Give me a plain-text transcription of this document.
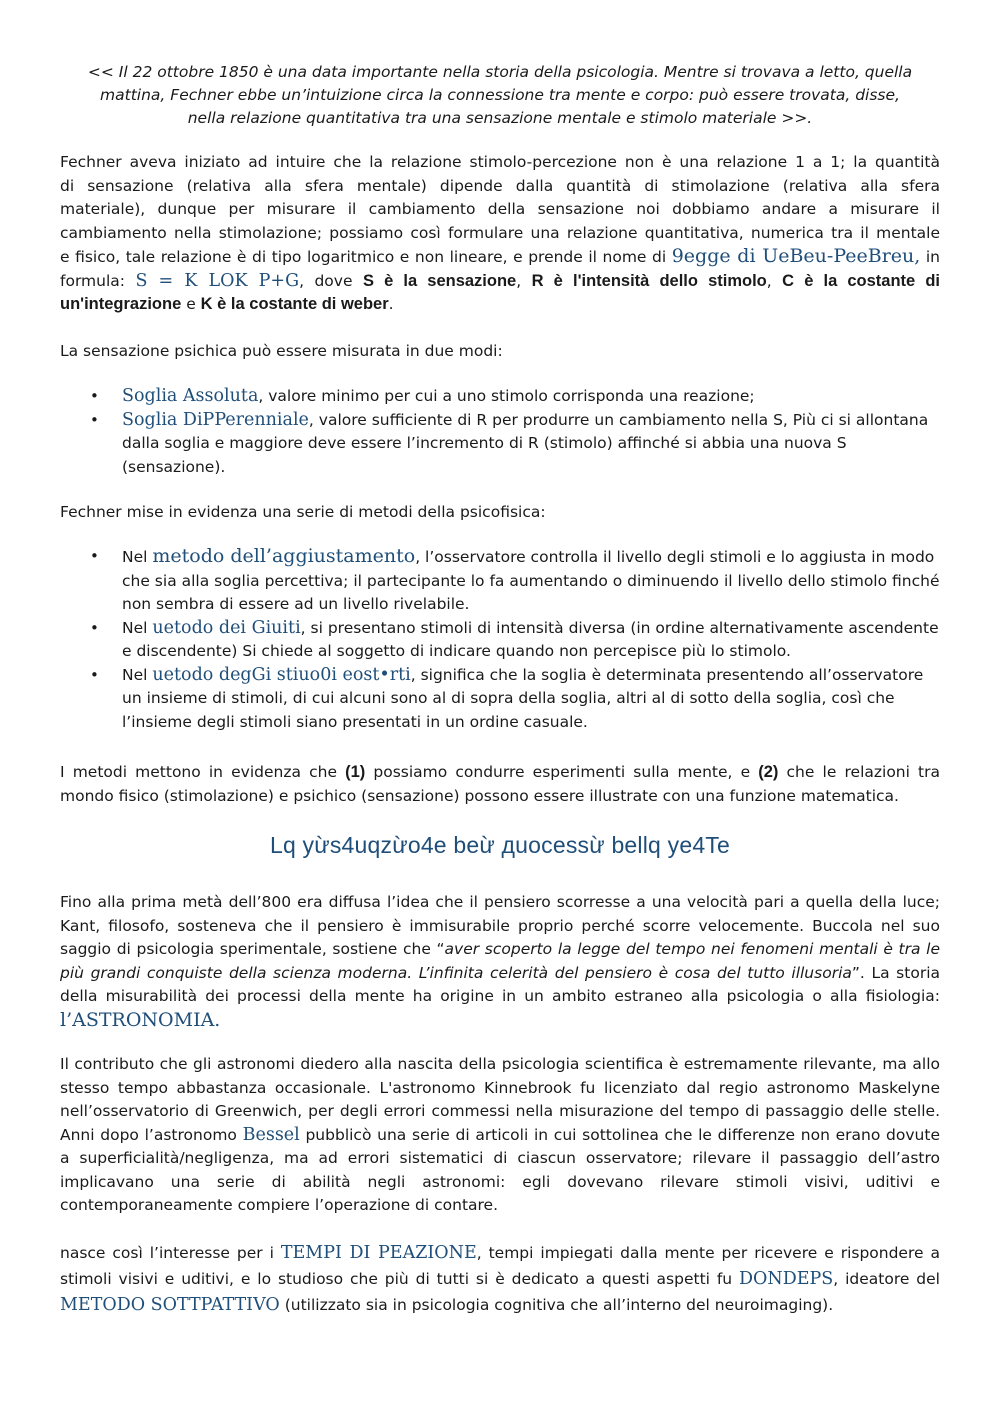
<< Il 22 ottobre 1850 è una data importante nella storia della psicologia. Mentre si trovava a letto, quella
mattina, Fechner ebbe un’intuizione circa la connessione tra mente e corpo: può essere trovata, disse,
nella relazione quantitativa tra una sensazione mentale e stimolo materiale >>.
Fechner aveva iniziato ad intuire che la relazione stimolo-percezione non è una relazione 1 a 1; la quantità
di sensazione (relativa alla sfera mentale) dipende dalla quantità di stimolazione (relativa alla sfera
materiale), dunque per misurare il cambiamento della sensazione noi dobbiamo andare a misurare il
cambiamento nella stimolazione; possiamo così formulare una relazione quantitativa, numerica tra il mentale
e fisico, tale relazione è di tipo logaritmico e non lineare, e prende il nome di 9egge di UeBeu-PeeBreu, in
formula: S = K LOK P+G, dove S è la sensazione, R è l'intensità dello stimolo, C è la costante di
un'integrazione e K è la costante di weber.
La sensazione psichica può essere misurata in due modi:
• Soglia Assoluta, valore minimo per cui a uno stimolo corrisponda una reazione;
• Soglia DiPPerenniale, valore sufficiente di R per produrre un cambiamento nella S, Più ci si allontana dalla soglia e maggiore deve essere l’incremento di R (stimolo) affinché si abbia una nuova S (sensazione).
Fechner mise in evidenza una serie di metodi della psicofisica:
• Nel metodo dell’aggiustamento, l’osservatore controlla il livello degli stimoli e lo aggiusta in modo che sia alla soglia percettiva; il partecipante lo fa aumentando o diminuendo il livello dello stimolo finché non sembra di essere ad un livello rivelabile.
• Nel uetodo dei Giuiti, si presentano stimoli di intensità diversa (in ordine alternativamente ascendente e discendente) Si chiede al soggetto di indicare quando non percepisce più lo stimolo.
• Nel uetodo degGi stiuo0i eost•rti, significa che la soglia è determinata presentendo all’osservatore un insieme di stimoli, di cui alcuni sono al di sopra della soglia, altri al di sotto della soglia, così che l’insieme degli stimoli siano presentati in un ordine casuale.
I metodi mettono in evidenza che (1) possiamo condurre esperimenti sulla mente, e (2) che le relazioni tra mondo fisico (stimolazione) e psichico (sensazione) possono essere illustrate con una funzione matematica.
Lq yừs4uqzừo4e beừ дuocessừ bellq ye4Te
Fino alla prima metà dell’800 era diffusa l’idea che il pensiero scorresse a una velocità pari a quella della luce; Kant, filosofo, sosteneva che il pensiero è immisurabile proprio perché scorre velocemente. Buccola nel suo saggio di psicologia sperimentale, sostiene che “aver scoperto la legge del tempo nei fenomeni mentali è tra le più grandi conquiste della scienza moderna. L’infinita celerità del pensiero è cosa del tutto illusoria”. La storia della misurabilità dei processi della mente ha origine in un ambito estraneo alla psicologia o alla fisiologia: l’ASTRONOMIA.
Il contributo che gli astronomi diedero alla nascita della psicologia scientifica è estremamente rilevante, ma allo stesso tempo abbastanza occasionale. L'astronomo Kinnebrook fu licenziato dal regio astronomo Maskelyne nell’osservatorio di Greenwich, per degli errori commessi nella misurazione del tempo di passaggio delle stelle. Anni dopo l’astronomo Bessel pubblicò una serie di articoli in cui sottolinea che le differenze non erano dovute a superficialità/negligenza, ma ad errori sistematici di ciascun osservatore; rilevare il passaggio dell’astro implicavano una serie di abilità negli astronomi: egli dovevano rilevare stimoli visivi, uditivi e contemporaneamente compiere l’operazione di contare.
nasce così l’interesse per i TEMPI DI PEAZIONE, tempi impiegati dalla mente per ricevere e rispondere a stimoli visivi e uditivi, e lo studioso che più di tutti si è dedicato a questi aspetti fu DONDEPS, ideatore del METODO SOTTPATTIVO (utilizzato sia in psicologia cognitiva che all’interno del neuroimaging).
